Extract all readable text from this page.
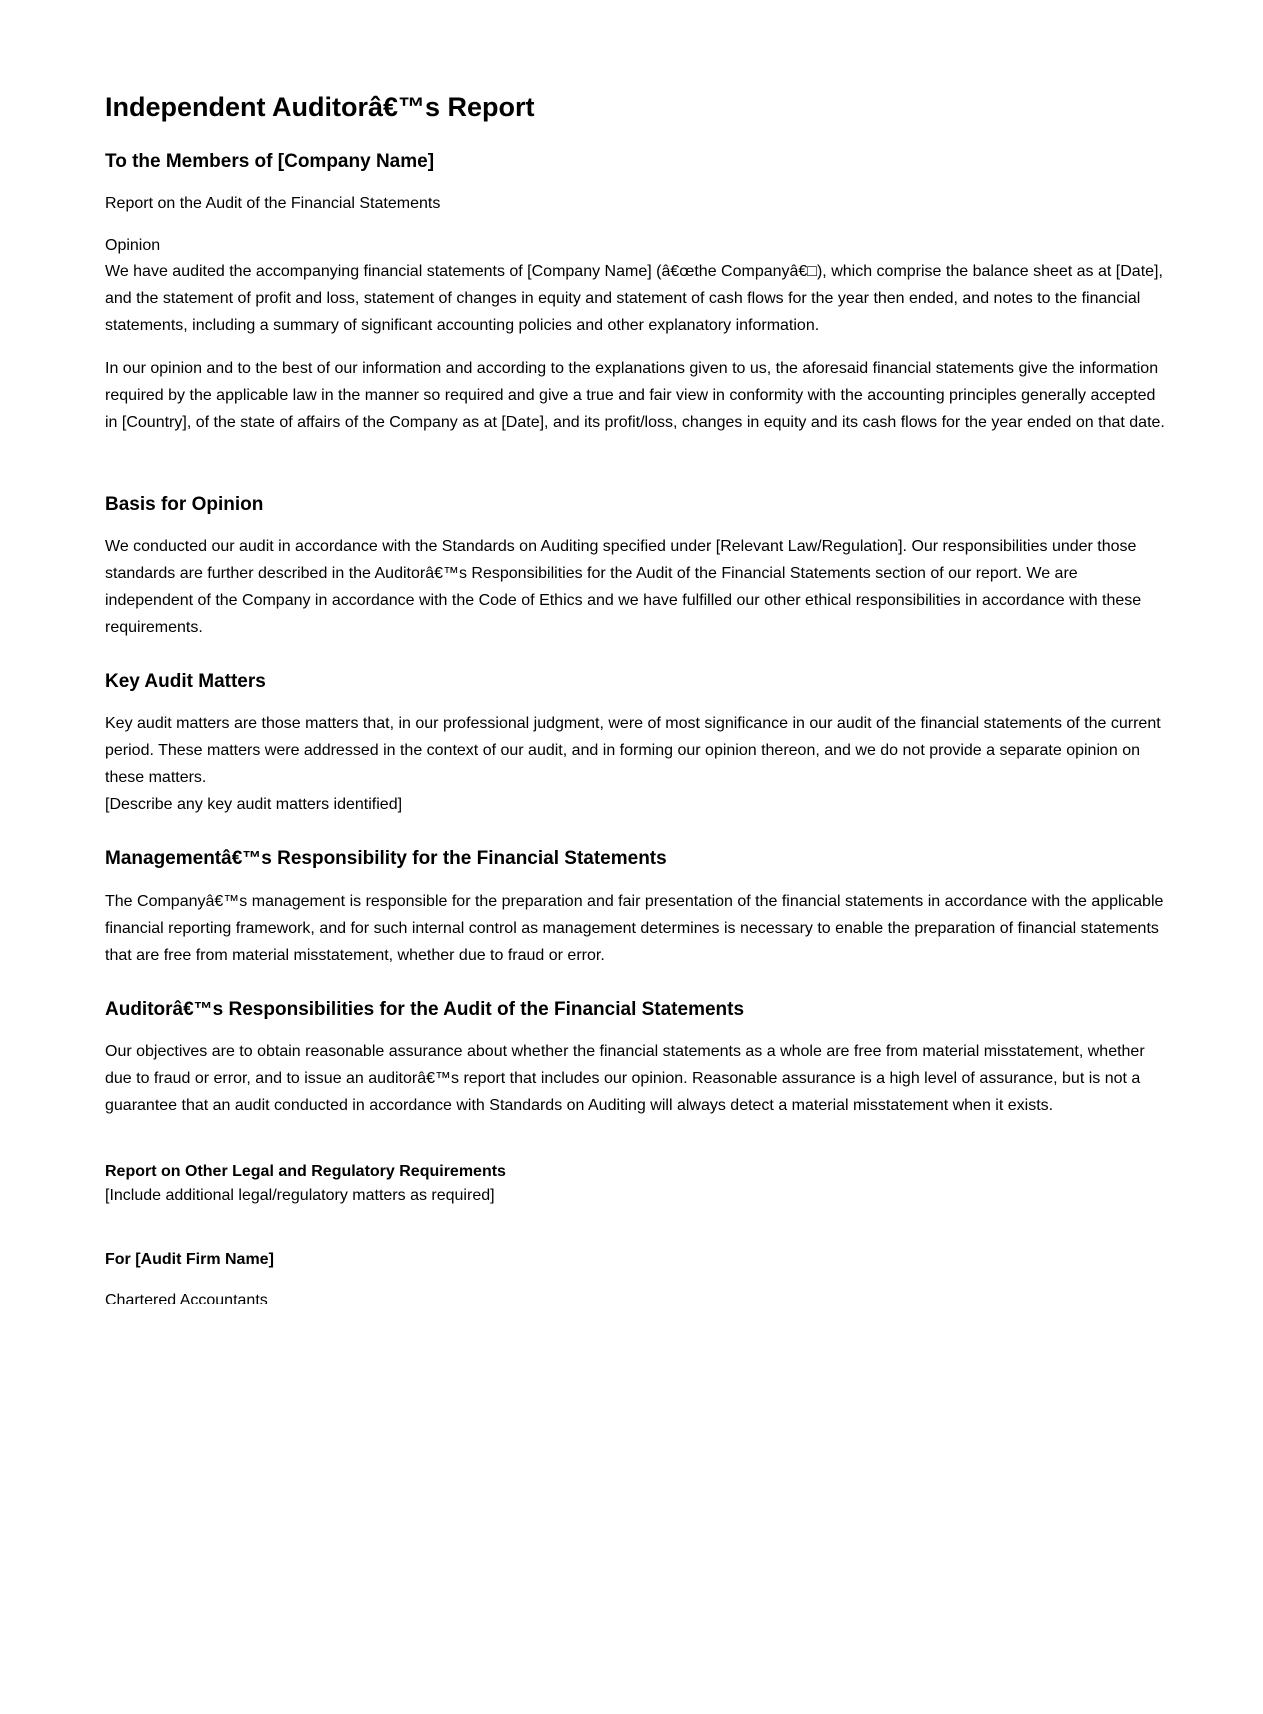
Independent Auditorâ€™s Report
To the Members of [Company Name]

Report on the Audit of the Financial Statements

Opinion

We have audited the accompanying financial statements of [Company Name] (â€œthe Companyâ€□), which comprise the balance sheet as at [Date], and the statement of profit and loss, statement of changes in equity and statement of cash flows for the year then ended, and notes to the financial statements, including a summary of significant accounting policies and other explanatory information.

In our opinion and to the best of our information and according to the explanations given to us, the aforesaid financial statements give the information required by the applicable law in the manner so required and give a true and fair view in conformity with the accounting principles generally accepted in [Country], of the state of affairs of the Company as at [Date], and its profit/loss, changes in equity and its cash flows for the year ended on that date.

Basis for Opinion

We conducted our audit in accordance with the Standards on Auditing specified under [Relevant Law/Regulation]. Our responsibilities under those standards are further described in the Auditorâ€™s Responsibilities for the Audit of the Financial Statements section of our report. We are independent of the Company in accordance with the Code of Ethics and we have fulfilled our other ethical responsibilities in accordance with these requirements.

Key Audit Matters

Key audit matters are those matters that, in our professional judgment, were of most significance in our audit of the financial statements of the current period. These matters were addressed in the context of our audit, and in forming our opinion thereon, and we do not provide a separate opinion on these matters.

[Describe any key audit matters identified]

Managementâ€™s Responsibility for the Financial Statements

The Companyâ€™s management is responsible for the preparation and fair presentation of the financial statements in accordance with the applicable financial reporting framework, and for such internal control as management determines is necessary to enable the preparation of financial statements that are free from material misstatement, whether due to fraud or error.

Auditorâ€™s Responsibilities for the Audit of the Financial Statements

Our objectives are to obtain reasonable assurance about whether the financial statements as a whole are free from material misstatement, whether due to fraud or error, and to issue an auditorâ€™s report that includes our opinion. Reasonable assurance is a high level of assurance, but is not a guarantee that an audit conducted in accordance with Standards on Auditing will always detect a material misstatement when it exists.

Report on Other Legal and Regulatory Requirements

[Include additional legal/regulatory matters as required]

For [Audit Firm Name]

Chartered Accountants
